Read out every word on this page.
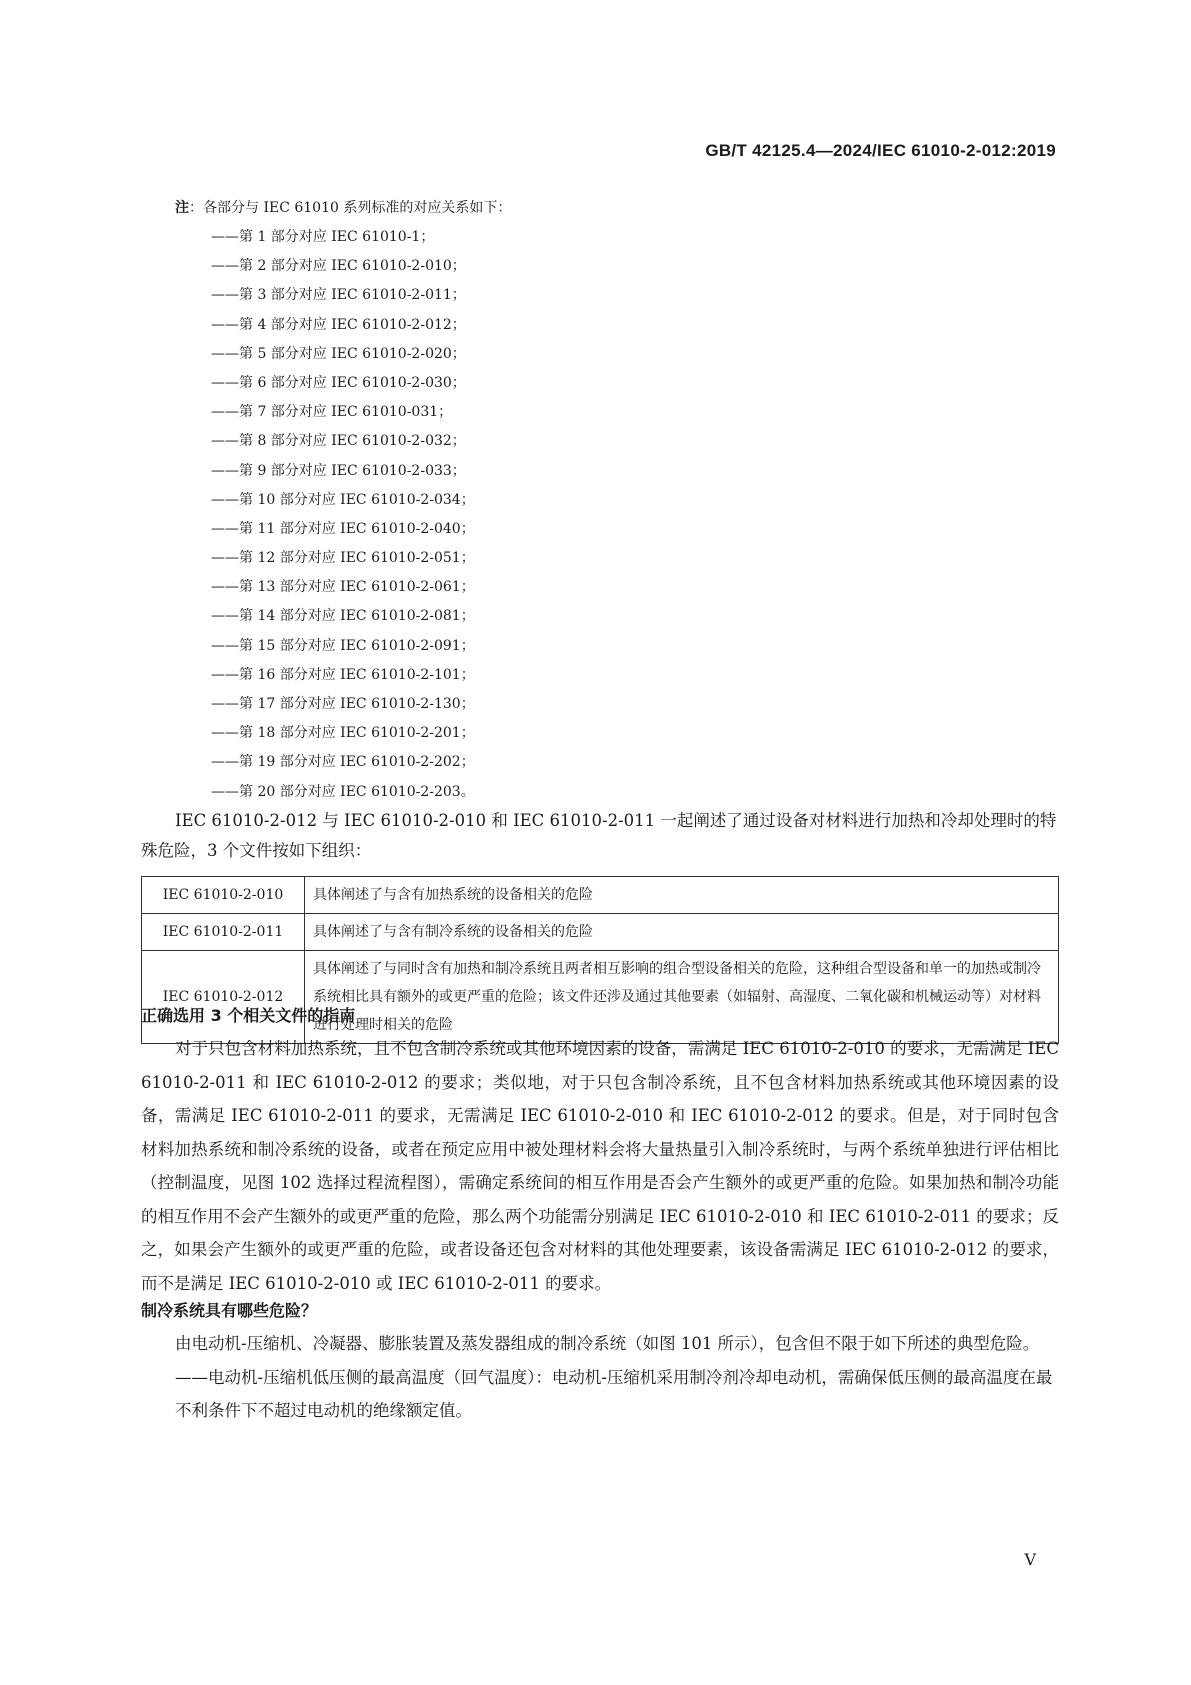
GB/T 42125.4—2024/IEC 61010-2-012:2019
注：各部分与 IEC 61010 系列标准的对应关系如下：
——第 1 部分对应 IEC 61010-1；
——第 2 部分对应 IEC 61010-2-010；
——第 3 部分对应 IEC 61010-2-011；
——第 4 部分对应 IEC 61010-2-012；
——第 5 部分对应 IEC 61010-2-020；
——第 6 部分对应 IEC 61010-2-030；
——第 7 部分对应 IEC 61010-031；
——第 8 部分对应 IEC 61010-2-032；
——第 9 部分对应 IEC 61010-2-033；
——第 10 部分对应 IEC 61010-2-034；
——第 11 部分对应 IEC 61010-2-040；
——第 12 部分对应 IEC 61010-2-051；
——第 13 部分对应 IEC 61010-2-061；
——第 14 部分对应 IEC 61010-2-081；
——第 15 部分对应 IEC 61010-2-091；
——第 16 部分对应 IEC 61010-2-101；
——第 17 部分对应 IEC 61010-2-130；
——第 18 部分对应 IEC 61010-2-201；
——第 19 部分对应 IEC 61010-2-202；
——第 20 部分对应 IEC 61010-2-203。

IEC 61010-2-012 与 IEC 61010-2-010 和 IEC 61010-2-011 一起阐述了通过设备对材料进行加热和冷却处理时的特殊危险，3 个文件按如下组织：

IEC 61010-2-010	具体阐述了与含有加热系统的设备相关的危险
IEC 61010-2-011	具体阐述了与含有制冷系统的设备相关的危险
IEC 61010-2-012	具体阐述了与同时含有加热和制冷系统且两者相互影响的组合型设备相关的危险，这种组合型设备和单一的加热或制冷系统相比具有额外的或更严重的危险；该文件还涉及通过其他要素（如辐射、高湿度、二氧化碳和机械运动等）对材料进行处理时相关的危险
正确选用 3 个相关文件的指南

对于只包含材料加热系统，且不包含制冷系统或其他环境因素的设备，需满足 IEC 61010-2-010 的要求，无需满足 IEC 61010-2-011 和 IEC 61010-2-012 的要求；类似地，对于只包含制冷系统，且不包含材料加热系统或其他环境因素的设备，需满足 IEC 61010-2-011 的要求，无需满足 IEC 61010-2-010 和 IEC 61010-2-012 的要求。但是，对于同时包含材料加热系统和制冷系统的设备，或者在预定应用中被处理材料会将大量热量引入制冷系统时，与两个系统单独进行评估相比（控制温度，见图 102 选择过程流程图），需确定系统间的相互作用是否会产生额外的或更严重的危险。如果加热和制冷功能的相互作用不会产生额外的或更严重的危险，那么两个功能需分别满足 IEC 61010-2-010 和 IEC 61010-2-011 的要求；反之，如果会产生额外的或更严重的危险，或者设备还包含对材料的其他处理要素，该设备需满足 IEC 61010-2-012 的要求，而不是满足 IEC 61010-2-010 或 IEC 61010-2-011 的要求。

制冷系统具有哪些危险？

由电动机-压缩机、冷凝器、膨胀装置及蒸发器组成的制冷系统（如图 101 所示），包含但不限于如下所述的典型危险。

——电动机-压缩机低压侧的最高温度（回气温度）：电动机-压缩机采用制冷剂冷却电动机，需确保低压侧的最高温度在最不利条件下不超过电动机的绝缘额定值。
V
